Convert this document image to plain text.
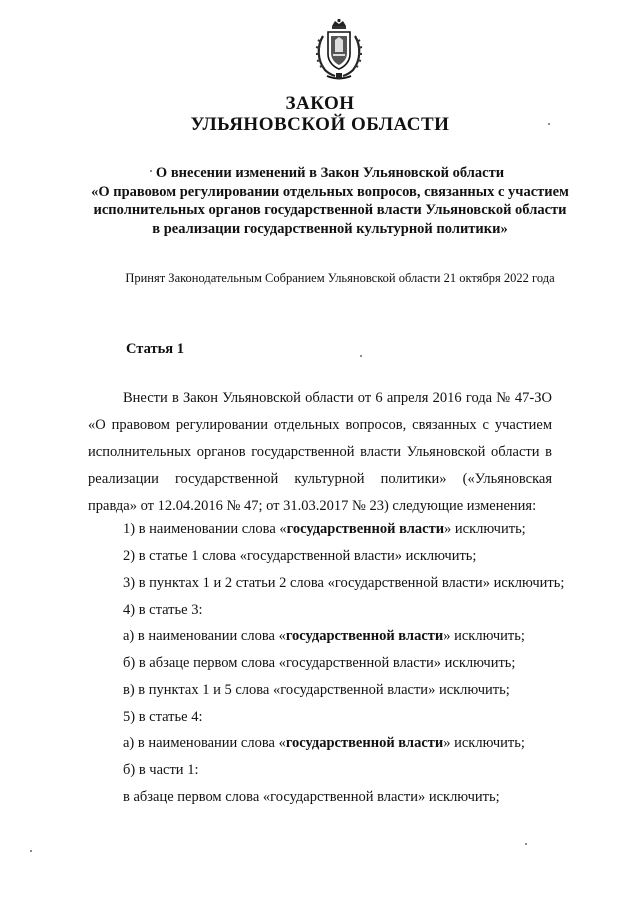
ЗАКОН
УЛЬЯНОВСКОЙ ОБЛАСТИ
О внесении изменений в Закон Ульяновской области
«О правовом регулировании отдельных вопросов, связанных с участием
исполнительных органов государственной власти Ульяновской области
в реализации государственной культурной политики»
Принят Законодательным Собранием Ульяновской области 21 октября 2022 года
Статья 1

Внести в Закон Ульяновской области от 6 апреля 2016 года № 47-ЗО «О правовом регулировании отдельных вопросов, связанных с участием исполнительных органов государственной власти Ульяновской области в реализации государственной культурной политики» («Ульяновская правда» от 12.04.2016 № 47; от 31.03.2017 № 23) следующие изменения:

1) в наименовании слова «государственной власти» исключить;
2) в статье 1 слова «государственной власти» исключить;
3) в пунктах 1 и 2 статьи 2 слова «государственной власти» исключить;
4) в статье 3:
а) в наименовании слова «государственной власти» исключить;
б) в абзаце первом слова «государственной власти» исключить;
в) в пунктах 1 и 5 слова «государственной власти» исключить;
5) в статье 4:
а) в наименовании слова «государственной власти» исключить;
б) в части 1:
в абзаце первом слова «государственной власти» исключить;
